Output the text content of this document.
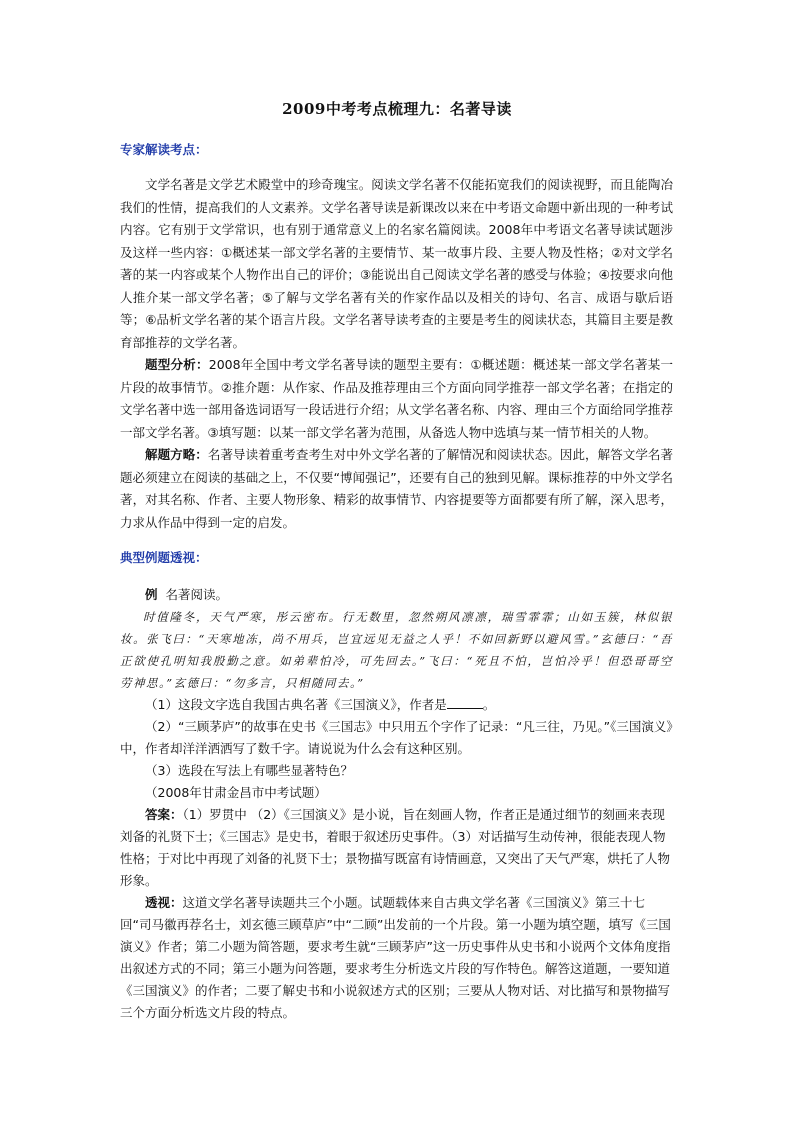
2009中考考点梳理九：名著导读
专家解读考点：

文学名著是文学艺术殿堂中的珍奇瑰宝。阅读文学名著不仅能拓宽我们的阅读视野，而且能陶冶我们的性情，提高我们的人文素养。文学名著导读是新课改以来在中考语文命题中新出现的一种考试内容。它有别于文学常识，也有别于通常意义上的名家名篇阅读。2008年中考语文名著导读试题涉及这样一些内容：①概述某一部文学名著的主要情节、某一故事片段、主要人物及性格；②对文学名著的某一内容或某个人物作出自己的评价；③能说出自己阅读文学名著的感受与体验；④按要求向他人推介某一部文学名著；⑤了解与文学名著有关的作家作品以及相关的诗句、名言、成语与歇后语等；⑥品析文学名著的某个语言片段。文学名著导读考查的主要是考生的阅读状态，其篇目主要是教育部推荐的文学名著。

题型分析：2008年全国中考文学名著导读的题型主要有：①概述题：概述某一部文学名著某一片段的故事情节。②推介题：从作家、作品及推荐理由三个方面向同学推荐一部文学名著；在指定的文学名著中选一部用备选词语写一段话进行介绍；从文学名著名称、内容、理由三个方面给同学推荐一部文学名著。③填写题：以某一部文学名著为范围，从备选人物中选填与某一情节相关的人物。

解题方略：名著导读着重考查考生对中外文学名著的了解情况和阅读状态。因此，解答文学名著题必须建立在阅读的基础之上，不仅要“博闻强记”，还要有自己的独到见解。课标推荐的中外文学名著，对其名称、作者、主要人物形象、精彩的故事情节、内容提要等方面都要有所了解，深入思考，力求从作品中得到一定的启发。

典型例题透视：

例 名著阅读。

时值隆冬，天气严寒，彤云密布。行无数里，忽然朔风凛凛，瑞雪霏霏；山如玉簇，林似银妆。张飞曰：“天寒地冻，尚不用兵，岂宜远见无益之人乎！不如回新野以避风雪。”玄德曰：“吾正欲使孔明知我殷勤之意。如弟辈怕冷，可先回去。”飞曰：“死且不怕，岂怕冷乎！但恐哥哥空劳神思。”玄德曰：“勿多言，只相随同去。”

（1）这段文字选自我国古典名著《三国演义》，作者是	。

（2）“三顾茅庐”的故事在史书《三国志》中只用五个字作了记录：“凡三往，乃见。”《三国演义》中，作者却洋洋洒洒写了数千字。请说说为什么会有这种区别。

（3）选段在写法上有哪些显著特色？

（2008年甘肃金昌市中考试题）

答案：（1）罗贯中 （2）《三国演义》是小说，旨在刻画人物，作者正是通过细节的刻画来表现刘备的礼贤下士；《三国志》是史书，着眼于叙述历史事件。（3）对话描写生动传神，很能表现人物性格；于对比中再现了刘备的礼贤下士；景物描写既富有诗情画意，又突出了天气严寒，烘托了人物形象。

透视：这道文学名著导读题共三个小题。试题载体来自古典文学名著《三国演义》第三十七回“司马徽再荐名士，刘玄德三顾草庐”中“二顾”出发前的一个片段。第一小题为填空题，填写《三国演义》作者；第二小题为简答题，要求考生就“三顾茅庐”这一历史事件从史书和小说两个文体角度指出叙述方式的不同；第三小题为问答题，要求考生分析选文片段的写作特色。解答这道题，一要知道《三国演义》的作者；二要了解史书和小说叙述方式的区别；三要从人物对话、对比描写和景物描写三个方面分析选文片段的特点。
